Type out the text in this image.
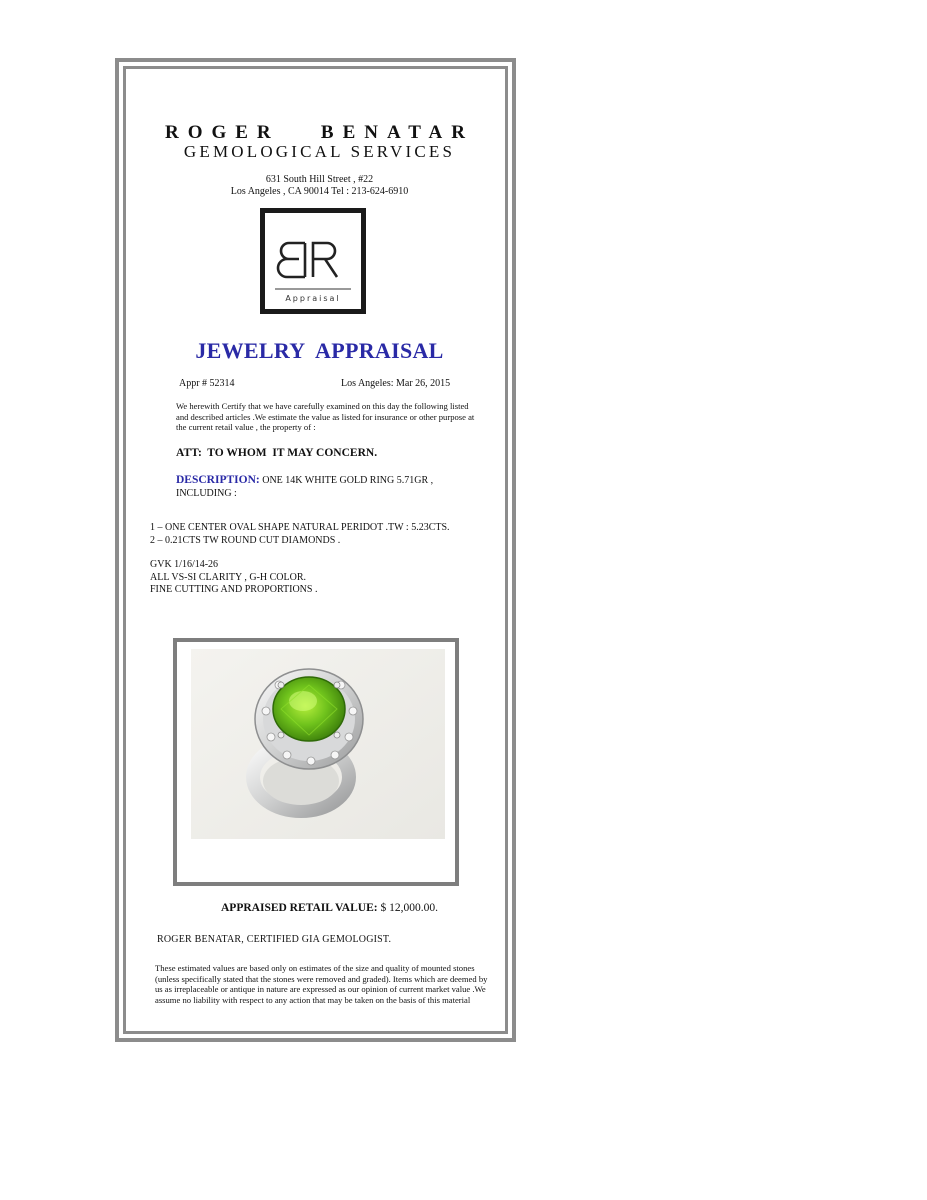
ROGER   BENATAR
GEMOLOGICAL SERVICES
631 South Hill Street , #22
Los Angeles , CA 90014 Tel : 213-624-6910
Appraisal
JEWELRY  APPRAISAL
Appr # 52314	Los Angeles: Mar 26, 2015
We herewith Certify that we have carefully examined on this day the following listed and described articles .We estimate the value as listed for insurance or other purpose at the current retail value , the property of :
ATT:  TO WHOM  IT MAY CONCERN.
DESCRIPTION: ONE 14K WHITE GOLD RING 5.71GR , INCLUDING :
1 – ONE CENTER OVAL SHAPE NATURAL PERIDOT .TW : 5.23CTS.
2 – 0.21CTS TW ROUND CUT DIAMONDS .
GVK 1/16/14-26
ALL VS-SI CLARITY , G-H COLOR.
FINE CUTTING AND PROPORTIONS .
APPRAISED RETAIL VALUE: $ 12,000.00.
ROGER BENATAR, CERTIFIED GIA GEMOLOGIST.
These estimated values are based only on estimates of the size and quality of mounted stones (unless specifically stated that the stones were removed and graded). Items which are deemed by us as irreplaceable or antique in nature are expressed as our opinion of current market value .We assume no liability with respect to any action that may be taken on the basis of this material
